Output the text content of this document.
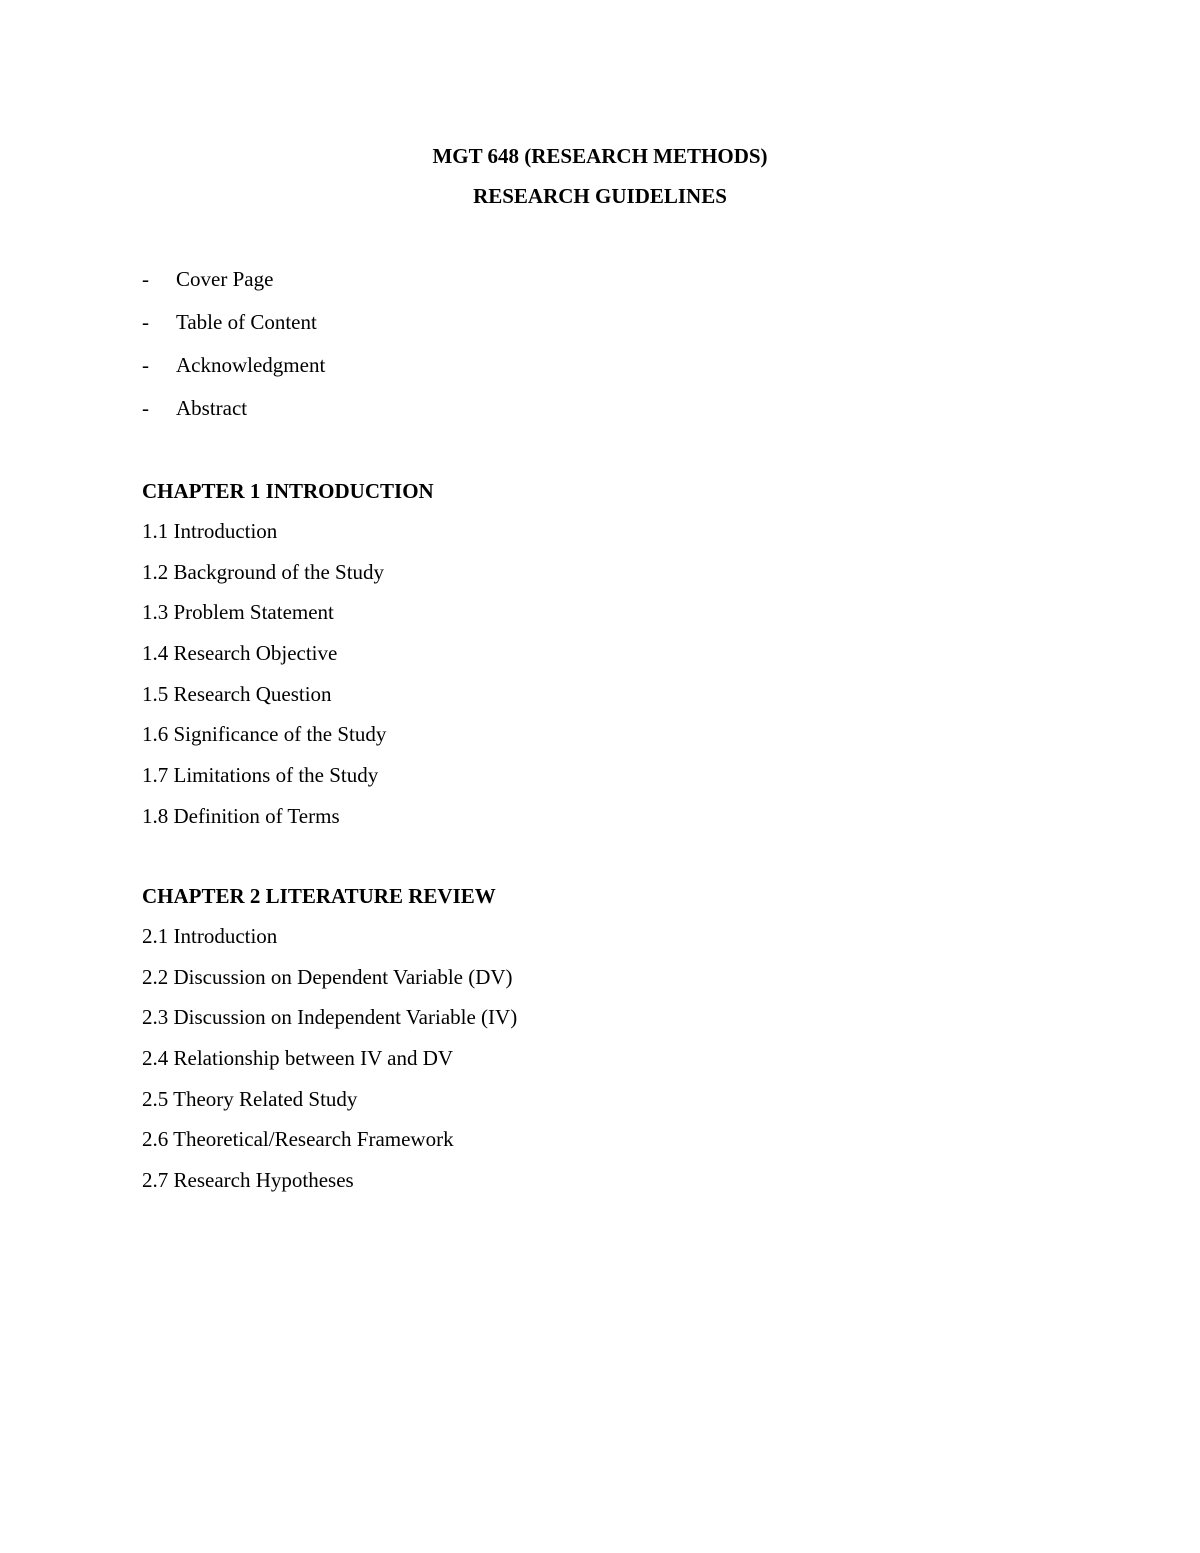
MGT 648 (RESEARCH METHODS)
RESEARCH GUIDELINES
- Cover Page
- Table of Content
- Acknowledgment
- Abstract
CHAPTER 1 INTRODUCTION
1.1 Introduction
1.2 Background of the Study
1.3 Problem Statement
1.4 Research Objective
1.5 Research Question
1.6 Significance of the Study
1.7 Limitations of the Study
1.8 Definition of Terms
CHAPTER 2 LITERATURE REVIEW
2.1 Introduction
2.2 Discussion on Dependent Variable (DV)
2.3 Discussion on Independent Variable (IV)
2.4 Relationship between IV and DV
2.5 Theory Related Study
2.6 Theoretical/Research Framework
2.7 Research Hypotheses
